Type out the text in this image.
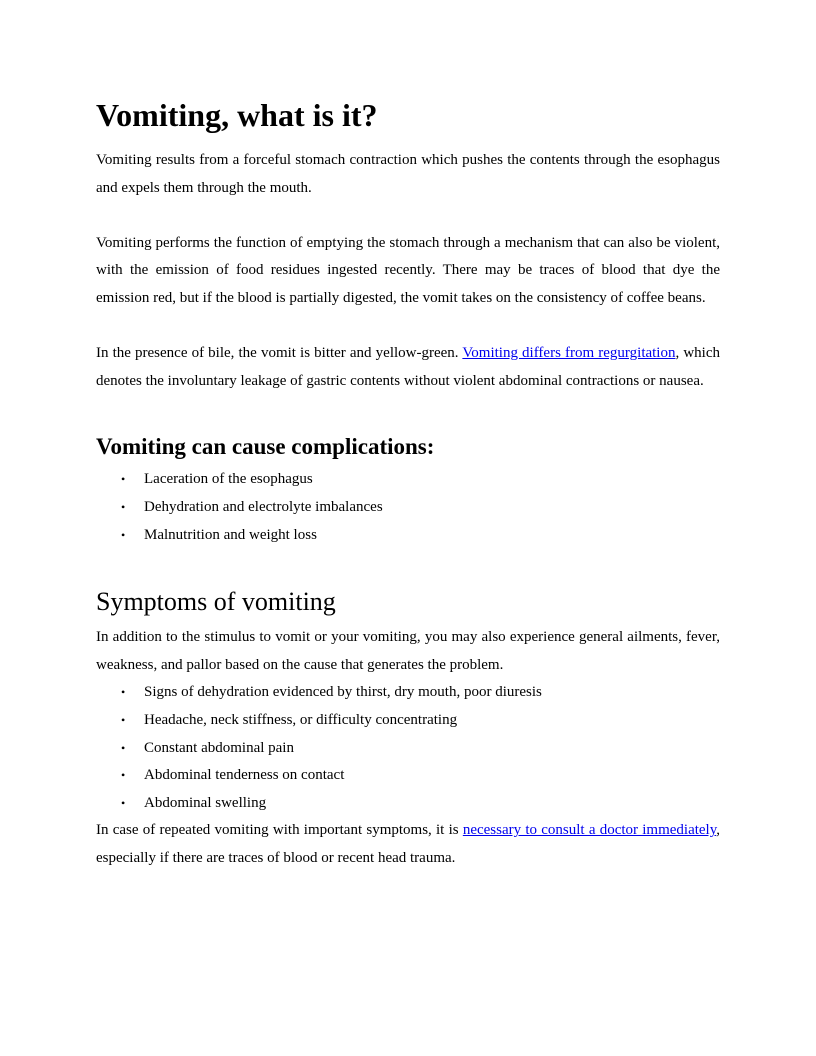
Vomiting, what is it?

Vomiting results from a forceful stomach contraction which pushes the contents through the esophagus and expels them through the mouth.

Vomiting performs the function of emptying the stomach through a mechanism that can also be violent, with the emission of food residues ingested recently. There may be traces of blood that dye the emission red, but if the blood is partially digested, the vomit takes on the consistency of coffee beans.

In the presence of bile, the vomit is bitter and yellow-green. Vomiting differs from regurgitation, which denotes the involuntary leakage of gastric contents without violent abdominal contractions or nausea.

Vomiting can cause complications:
• Laceration of the esophagus
• Dehydration and electrolyte imbalances
• Malnutrition and weight loss
Symptoms of vomiting

In addition to the stimulus to vomit or your vomiting, you may also experience general ailments, fever, weakness, and pallor based on the cause that generates the problem.

• Signs of dehydration evidenced by thirst, dry mouth, poor diuresis
• Headache, neck stiffness, or difficulty concentrating
• Constant abdominal pain
• Abdominal tenderness on contact
• Abdominal swelling

In case of repeated vomiting with important symptoms, it is necessary to consult a doctor immediately, especially if there are traces of blood or recent head trauma.
